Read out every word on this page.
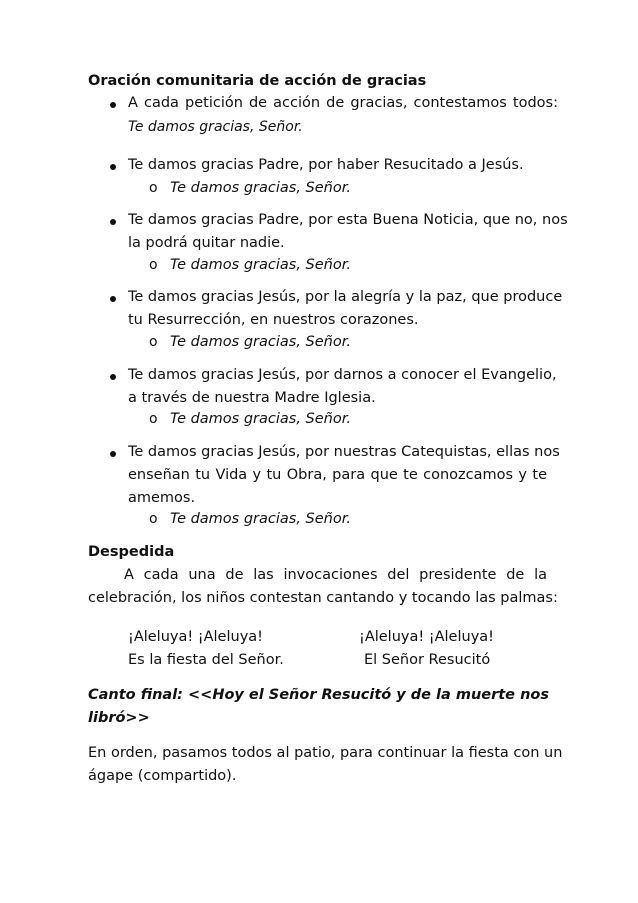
Oración comunitaria de acción de gracias
A cada petición de acción de gracias, contestamos todos:
Te damos gracias, Señor.
Te damos gracias Padre, por haber Resucitado a Jesús.
o Te damos gracias, Señor.
Te damos gracias Padre, por esta Buena Noticia, que no, nos
la podrá quitar nadie.
o Te damos gracias, Señor.
Te damos gracias Jesús, por la alegría y la paz, que produce
tu Resurrección, en nuestros corazones.
o Te damos gracias, Señor.
Te damos gracias Jesús, por darnos a conocer el Evangelio,
a través de nuestra Madre Iglesia.
o Te damos gracias, Señor.
Te damos gracias Jesús, por nuestras Catequistas, ellas nos
enseñan tu Vida y tu Obra, para que te conozcamos y te
amemos.
o Te damos gracias, Señor.
Despedida
A cada una de las invocaciones del presidente de la
celebración, los niños contestan cantando y tocando las palmas:
¡Aleluya! ¡Aleluya!
Es la fiesta del Señor.
¡Aleluya! ¡Aleluya!
El Señor Resucitó
Canto final: <<Hoy el Señor Resucitó y de la muerte nos
libró>>
En orden, pasamos todos al patio, para continuar la fiesta con un
ágape (compartido).
